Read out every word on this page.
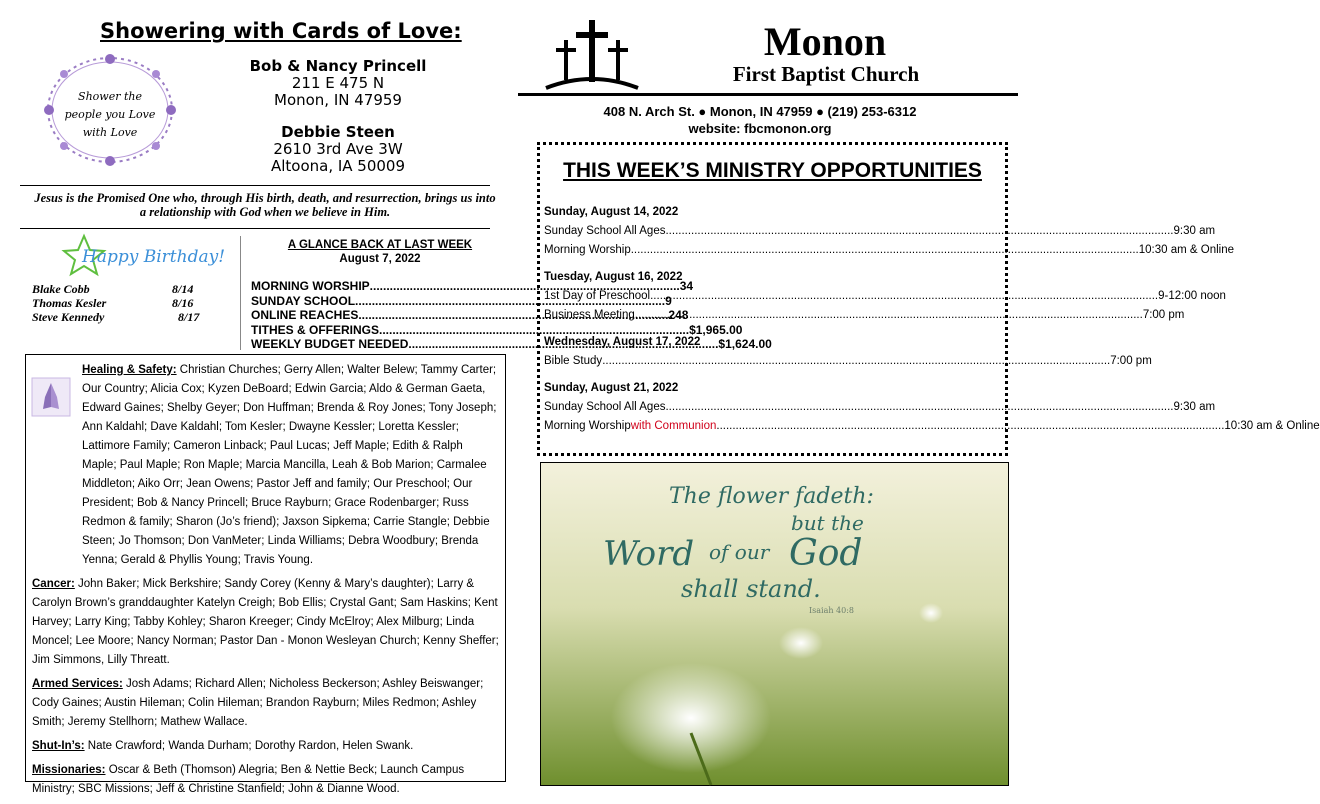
Showering with Cards of Love:
Shower the
people you Love
with Love
Bob & Nancy Princell
211 E 475 N
Monon, IN 47959
Debbie Steen
2610 3rd Ave 3W
Altoona, IA 50009
Jesus is the Promised One who, through His birth, death, and resurrection, brings us into a relationship with God when we believe in Him.
Happy Birthday!
Blake Cobb	8/14
Thomas Kesler	8/16
Steve Kennedy	8/17
A GLANCE BACK AT LAST WEEK
August 7, 2022
MORNING WORSHIP .....	34
SUNDAY SCHOOL .....	9
ONLINE REACHES .....	248
TITHES & OFFERINGS .....	$1,965.00
WEEKLY BUDGET NEEDED .....	$1,624.00

Healing & Safety: Christian Churches; Gerry Allen; Walter Belew; Tammy Carter; Our Country; Alicia Cox; Kyzen DeBoard; Edwin Garcia; Aldo & German Gaeta, Edward Gaines; Shelby Geyer; Don Huffman; Brenda & Roy Jones; Tony Joseph; Ann Kaldahl; Dave Kaldahl; Tom Kesler; Dwayne Kessler; Loretta Kessler; Lattimore Family; Cameron Linback; Paul Lucas; Jeff Maple; Edith & Ralph Maple; Paul Maple; Ron Maple; Marcia Mancilla, Leah & Bob Marion; Carmalee Middleton; Aiko Orr; Jean Owens; Pastor Jeff and family; Our Preschool; Our President; Bob & Nancy Princell; Bruce Rayburn; Grace Rodenbarger; Russ Redmon & family; Sharon (Jo’s friend); Jaxson Sipkema; Carrie Stangle; Debbie Steen; Jo Thomson; Don VanMeter; Linda Williams; Debra Woodbury; Brenda Yenna; Gerald & Phyllis Young; Travis Young.

Cancer: John Baker; Mick Berkshire; Sandy Corey (Kenny & Mary’s daughter); Larry & Carolyn Brown’s granddaughter Katelyn Creigh; Bob Ellis; Crystal Gant; Sam Haskins; Kent Harvey; Larry King; Tabby Kohley; Sharon Kreeger; Cindy McElroy; Alex Milburg; Linda Moncel; Lee Moore; Nancy Norman; Pastor Dan - Monon Wesleyan Church; Kenny Sheffer; Jim Simmons, Lilly Threatt.

Armed Services: Josh Adams; Richard Allen; Nicholess Beckerson; Ashley Beiswanger; Cody Gaines; Austin Hileman; Colin Hileman; Brandon Rayburn; Miles Redmon; Ashley Smith; Jeremy Stellhorn; Mathew Wallace.

Shut-In’s: Nate Crawford; Wanda Durham; Dorothy Rardon, Helen Swank.

Missionaries: Oscar & Beth (Thomson) Alegria; Ben & Nettie Beck; Launch Campus Ministry; SBC Missions; Jeff & Christine Stanfield; John & Dianne Wood.

Monon
First Baptist Church
408 N. Arch St. ● Monon, IN 47959 ● (219) 253-6312
website: fbcmonon.org
THIS WEEK’S MINISTRY OPPORTUNITIES
Sunday, August 14, 2022
Sunday School All Ages .....	9:30 am
Morning Worship .....	10:30 am & Online
Tuesday, August 16, 2022
1st Day of Preschool .....	9-12:00 noon
Business Meeting .....	7:00 pm
Wednesday, August 17, 2022
Bible Study .....	7:00 pm
Sunday, August 21, 2022
Sunday School All Ages .....	9:30 am
Morning Worship with Communion .....	10:30 am & Online
The flower fadeth:
but the
Word of our God
shall stand.
Isaiah 40:8
